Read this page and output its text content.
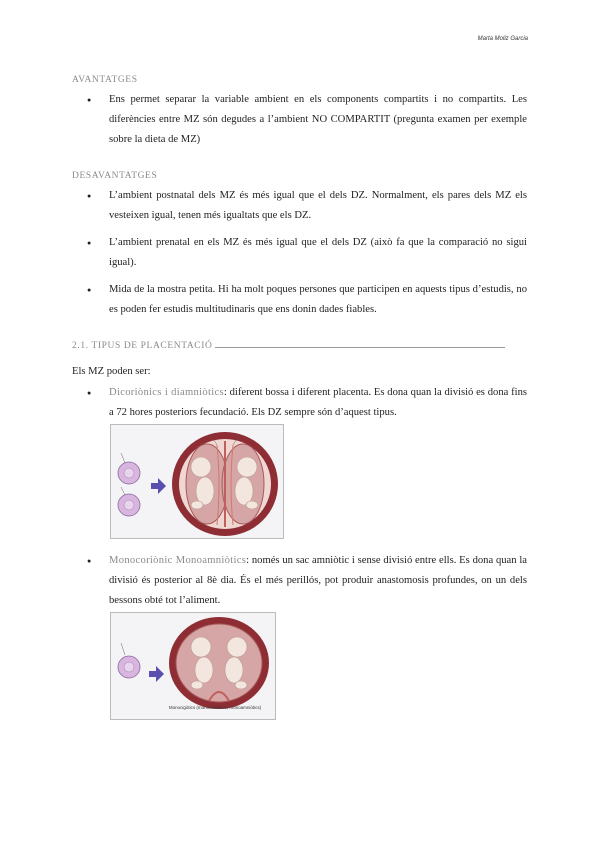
Marta Moliz Garcia
AVANTATGES
● Ens permet separar la variable ambient en els components compartits i no compartits. Les diferències entre MZ són degudes a l’ambient NO COMPARTIT (pregunta examen per exemple sobre la dieta de MZ)
DESAVANTATGES
● L’ambient postnatal dels MZ és més igual que el dels DZ. Normalment, els pares dels MZ els vesteixen igual, tenen més igualtats que els DZ.
● L’ambient prenatal en els MZ és més igual que el dels DZ (això fa que la comparació no sigui igual).
● Mida de la mostra petita. Hi ha molt poques persones que participen en aquests tipus d’estudis, no es poden fer estudis multitudinaris que ens donin dades fiables.
2.1. TIPUS DE PLACENTACIÓ
Els MZ poden ser:
● Dicoriònics i diamniòtics: diferent bossa i diferent placenta. Es dona quan la divisió es dona fins a 72 hores posteriors fecundació. Els DZ sempre són d’aquest tipus.
● Monocoriònic Monoamniòtics: només un sac amniòtic i sense divisió entre ells. Es dona quan la divisió és posterior al 8è dia. És el més perillós, pot produir anastomosis profundes, on un dels bessons obté tot l’aliment.
Monocigòtics (monocoriònics, monoamniòtics)
